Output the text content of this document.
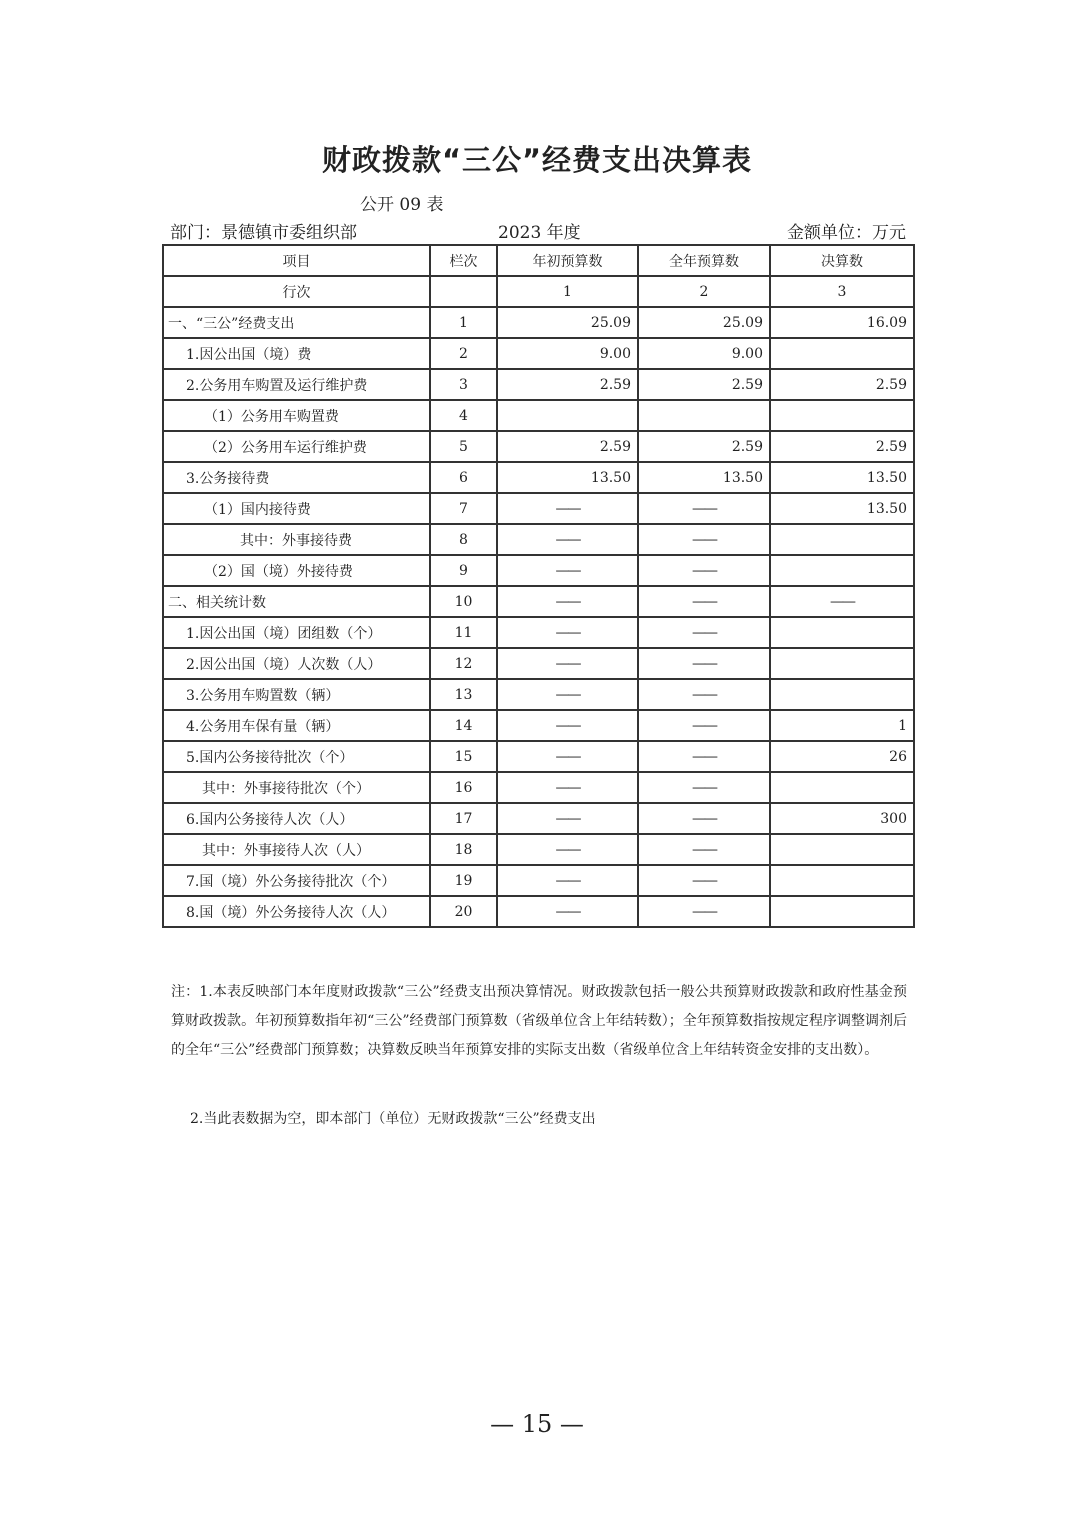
财政拨款“三公”经费支出决算表
公开 09 表
部门：景德镇市委组织部	2023 年度	金额单位：万元
项目	栏次	年初预算数	全年预算数	决算数
行次		1	2	3
一、“三公”经费支出	1	25.09	25.09	16.09
1.因公出国（境）费	2	9.00	9.00	
2.公务用车购置及运行维护费	3	2.59	2.59	2.59
（1）公务用车购置费	4			
（2）公务用车运行维护费	5	2.59	2.59	2.59
3.公务接待费	6	13.50	13.50	13.50
（1）国内接待费	7	——	——	13.50
其中：外事接待费	8	——	——	
（2）国（境）外接待费	9	——	——	
二、相关统计数	10	——	——	——
1.因公出国（境）团组数（个）	11	——	——	
2.因公出国（境）人次数（人）	12	——	——	
3.公务用车购置数（辆）	13	——	——	
4.公务用车保有量（辆）	14	——	——	1
5.国内公务接待批次（个）	15	——	——	26
其中：外事接待批次（个）	16	——	——	
6.国内公务接待人次（人）	17	——	——	300
其中：外事接待人次（人）	18	——	——	
7.国（境）外公务接待批次（个）	19	——	——	
8.国（境）外公务接待人次（人）	20	——	——	
注：1.本表反映部门本年度财政拨款“三公”经费支出预决算情况。财政拨款包括一般公共预算财政拨款和政府性基金预算财政拨款。年初预算数指年初“三公”经费部门预算数（省级单位含上年结转数）；全年预算数指按规定程序调整调剂后的全年“三公”经费部门预算数；决算数反映当年预算安排的实际支出数（省级单位含上年结转资金安排的支出数）。
2.当此表数据为空，即本部门（单位）无财政拨款“三公”经费支出
— 15 —
